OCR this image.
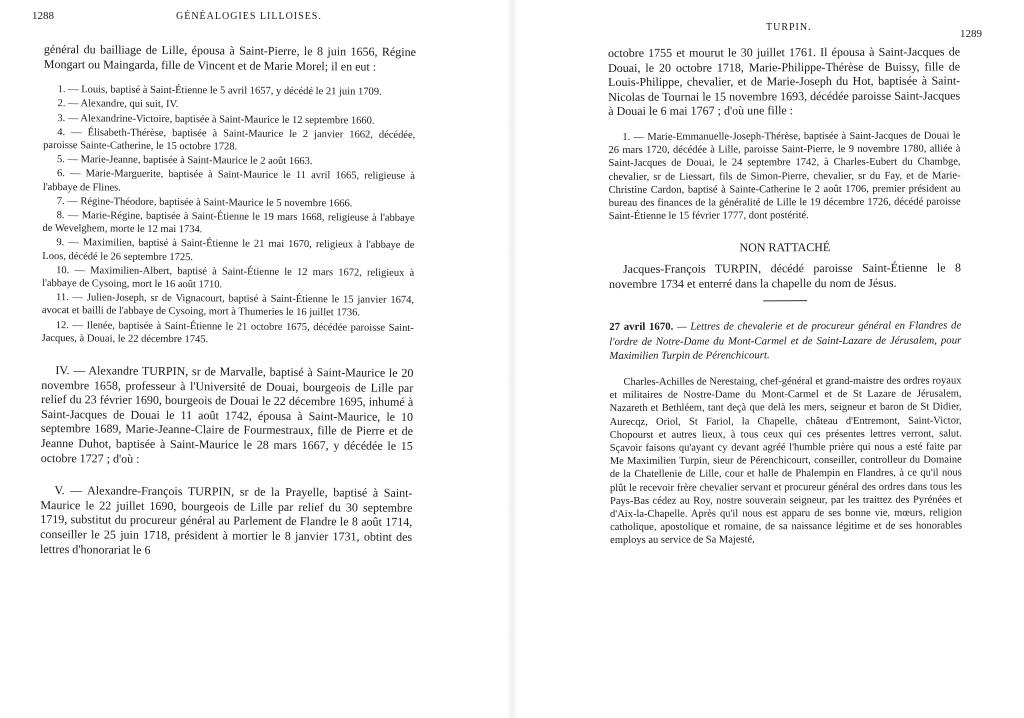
1288	GÉNÉALOGIES LILLOISES.

général du bailliage de Lille, épousa à Saint-Pierre, le 8 juin 1656, Régine Mongart ou Maingarda, fille de Vincent et de Marie Morel; il en eut :

1. — Louis, baptisé à Saint-Étienne le 5 avril 1657, y décédé le 21 juin 1709.

2. — Alexandre, qui suit, IV.

3. — Alexandrine-Victoire, baptisée à Saint-Maurice le 12 septembre 1660.

4. — Élisabeth-Thérèse, baptisée à Saint-Maurice le 2 janvier 1662, décédée, paroisse Sainte-Catherine, le 15 octobre 1728.

5. — Marie-Jeanne, baptisée à Saint-Maurice le 2 août 1663.

6. — Marie-Marguerite, baptisée à Saint-Maurice le 11 avril 1665, religieuse à l'abbaye de Flines.

7. — Régine-Théodore, baptisée à Saint-Maurice le 5 novembre 1666.

8. — Marie-Régine, baptisée à Saint-Étienne le 19 mars 1668, religieuse à l'abbaye de Wevelghem, morte le 12 mai 1734.

9. — Maximilien, baptisé à Saint-Étienne le 21 mai 1670, religieux à l'abbaye de Loos, décédé le 26 septembre 1725.

10. — Maximilien-Albert, baptisé à Saint-Étienne le 12 mars 1672, religieux à l'abbaye de Cysoing, mort le 16 août 1710.

11. — Julien-Joseph, sr de Vignacourt, baptisé à Saint-Étienne le 15 janvier 1674, avocat et bailli de l'abbaye de Cysoing, mort à Thumeries le 16 juillet 1736.

12. — Ilenée, baptisée à Saint-Étienne le 21 octobre 1675, décédée paroisse Saint-Jacques, à Douai, le 22 décembre 1745.

IV. — Alexandre TURPIN, sr de Marvalle, baptisé à Saint-Maurice le 20 novembre 1658, professeur à l'Université de Douai, bourgeois de Lille par relief du 23 février 1690, bourgeois de Douai le 22 décembre 1695, inhumé à Saint-Jacques de Douai le 11 août 1742, épousa à Saint-Maurice, le 10 septembre 1689, Marie-Jeanne-Claire de Fourmestraux, fille de Pierre et de Jeanne Duhot, baptisée à Saint-Maurice le 28 mars 1667, y décédée le 15 octobre 1727 ; d'où :

V. — Alexandre-François TURPIN, sr de la Prayelle, baptisé à Saint-Maurice le 22 juillet 1690, bourgeois de Lille par relief du 30 septembre 1719, substitut du procureur général au Parlement de Flandre le 8 août 1714, conseiller le 25 juin 1718, président à mortier le 8 janvier 1731, obtint des lettres d'honorariat le 6

TURPIN.
1289

octobre 1755 et mourut le 30 juillet 1761. Il épousa à Saint-Jacques de Douai, le 20 octobre 1718, Marie-Philippe-Thérèse de Buissy, fille de Louis-Philippe, chevalier, et de Marie-Joseph du Hot, baptisée à Saint-Nicolas de Tournai le 15 novembre 1693, décédée paroisse Saint-Jacques à Douai le 6 mai 1767 ; d'où une fille :

1. — Marie-Emmanuelle-Joseph-Thérèse, baptisée à Saint-Jacques de Douai le 26 mars 1720, décédée à Lille, paroisse Saint-Pierre, le 9 novembre 1780, alliée à Saint-Jacques de Douai, le 24 septembre 1742, à Charles-Eubert du Chambge, chevalier, sr de Liessart, fils de Simon-Pierre, chevalier, sr du Fay, et de Marie-Christine Cardon, baptisé à Sainte-Catherine le 2 août 1706, premier président au bureau des finances de la généralité de Lille le 19 décembre 1726, décédé paroisse Saint-Étienne le 15 février 1777, dont postérité.

NON RATTACHÉ

Jacques-François TURPIN, décédé paroisse Saint-Étienne le 8 novembre 1734 et enterré dans la chapelle du nom de Jésus.

27 avril 1670. — Lettres de chevalerie et de procureur général en Flandres de l'ordre de Notre-Dame du Mont-Carmel et de Saint-Lazare de Jérusalem, pour Maximilien Turpin de Pérenchicourt.

Charles-Achilles de Nerestaing, chef-général et grand-maistre des ordres royaux et militaires de Nostre-Dame du Mont-Carmel et de St Lazare de Jérusalem, Nazareth et Bethléem, tant deçà que delà les mers, seigneur et baron de St Didier, Aurecqz, Oriol, St Fariol, la Chapelle, château d'Entremont, Saint-Victor, Chopourst et autres lieux, à tous ceux qui ces présentes lettres verront, salut. Sçavoir faisons qu'ayant cy devant agréé l'humble prière qui nous a esté faite par Me Maximilien Turpin, sieur de Pérenchicourt, conseiller, controlleur du Domaine de la Chatellenie de Lille, cour et halle de Phalempin en Flandres, à ce qu'il nous plût le recevoir frère chevalier servant et procureur général des ordres dans tous les Pays-Bas cédez au Roy, nostre souverain seigneur, par les traittez des Pyrénées et d'Aix-la-Chapelle. Après qu'il nous est apparu de ses bonne vie, mœurs, religion catholique, apostolique et romaine, de sa naissance légitime et de ses honorables employs au service de Sa Majesté,
